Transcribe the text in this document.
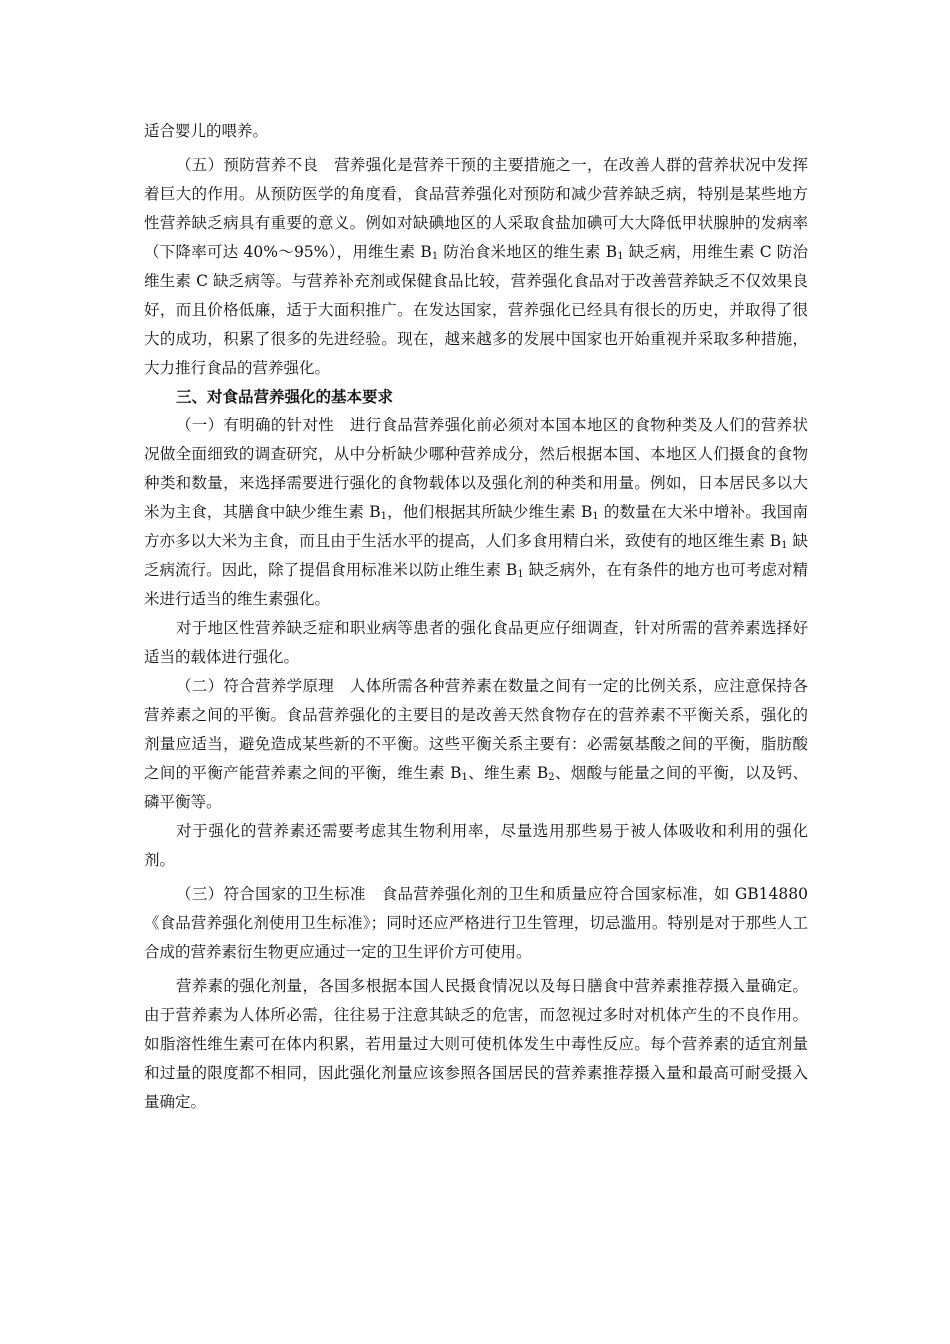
适合婴儿的喂养。

（五）预防营养不良　营养强化是营养干预的主要措施之一，在改善人群的营养状况中发挥着巨大的作用。从预防医学的角度看，食品营养强化对预防和减少营养缺乏病，特别是某些地方性营养缺乏病具有重要的意义。例如对缺碘地区的人采取食盐加碘可大大降低甲状腺肿的发病率（下降率可达 40%～95%），用维生素 $B_1$ 防治食米地区的维生素 $B_1$ 缺乏病，用维生素 C 防治维生素 C 缺乏病等。与营养补充剂或保健食品比较，营养强化食品对于改善营养缺乏不仅效果良好，而且价格低廉，适于大面积推广。在发达国家，营养强化已经具有很长的历史，并取得了很大的成功，积累了很多的先进经验。现在，越来越多的发展中国家也开始重视并采取多种措施，大力推行食品的营养强化。

三、对食品营养强化的基本要求

（一）有明确的针对性　进行食品营养强化前必须对本国本地区的食物种类及人们的营养状况做全面细致的调查研究，从中分析缺少哪种营养成分，然后根据本国、本地区人们摄食的食物种类和数量，来选择需要进行强化的食物载体以及强化剂的种类和用量。例如，日本居民多以大米为主食，其膳食中缺少维生素 $B_1$，他们根据其所缺少维生素 $B_1$ 的数量在大米中增补。我国南方亦多以大米为主食，而且由于生活水平的提高，人们多食用精白米，致使有的地区维生素 $B_1$ 缺乏病流行。因此，除了提倡食用标准米以防止维生素 $B_1$ 缺乏病外，在有条件的地方也可考虑对精米进行适当的维生素强化。

对于地区性营养缺乏症和职业病等患者的强化食品更应仔细调查，针对所需的营养素选择好适当的载体进行强化。

（二）符合营养学原理　人体所需各种营养素在数量之间有一定的比例关系，应注意保持各营养素之间的平衡。食品营养强化的主要目的是改善天然食物存在的营养素不平衡关系，强化的剂量应适当，避免造成某些新的不平衡。这些平衡关系主要有：必需氨基酸之间的平衡，脂肪酸之间的平衡产能营养素之间的平衡，维生素 $B_1$、维生素 $B_2$、烟酸与能量之间的平衡，以及钙、磷平衡等。

对于强化的营养素还需要考虑其生物利用率，尽量选用那些易于被人体吸收和利用的强化剂。

（三）符合国家的卫生标准　食品营养强化剂的卫生和质量应符合国家标准，如 GB14880《食品营养强化剂使用卫生标准》；同时还应严格进行卫生管理，切忌滥用。特别是对于那些人工合成的营养素衍生物更应通过一定的卫生评价方可使用。

营养素的强化剂量，各国多根据本国人民摄食情况以及每日膳食中营养素推荐摄入量确定。由于营养素为人体所必需，往往易于注意其缺乏的危害，而忽视过多时对机体产生的不良作用。如脂溶性维生素可在体内积累，若用量过大则可使机体发生中毒性反应。每个营养素的适宜剂量和过量的限度都不相同，因此强化剂量应该参照各国居民的营养素推荐摄入量和最高可耐受摄入量确定。
